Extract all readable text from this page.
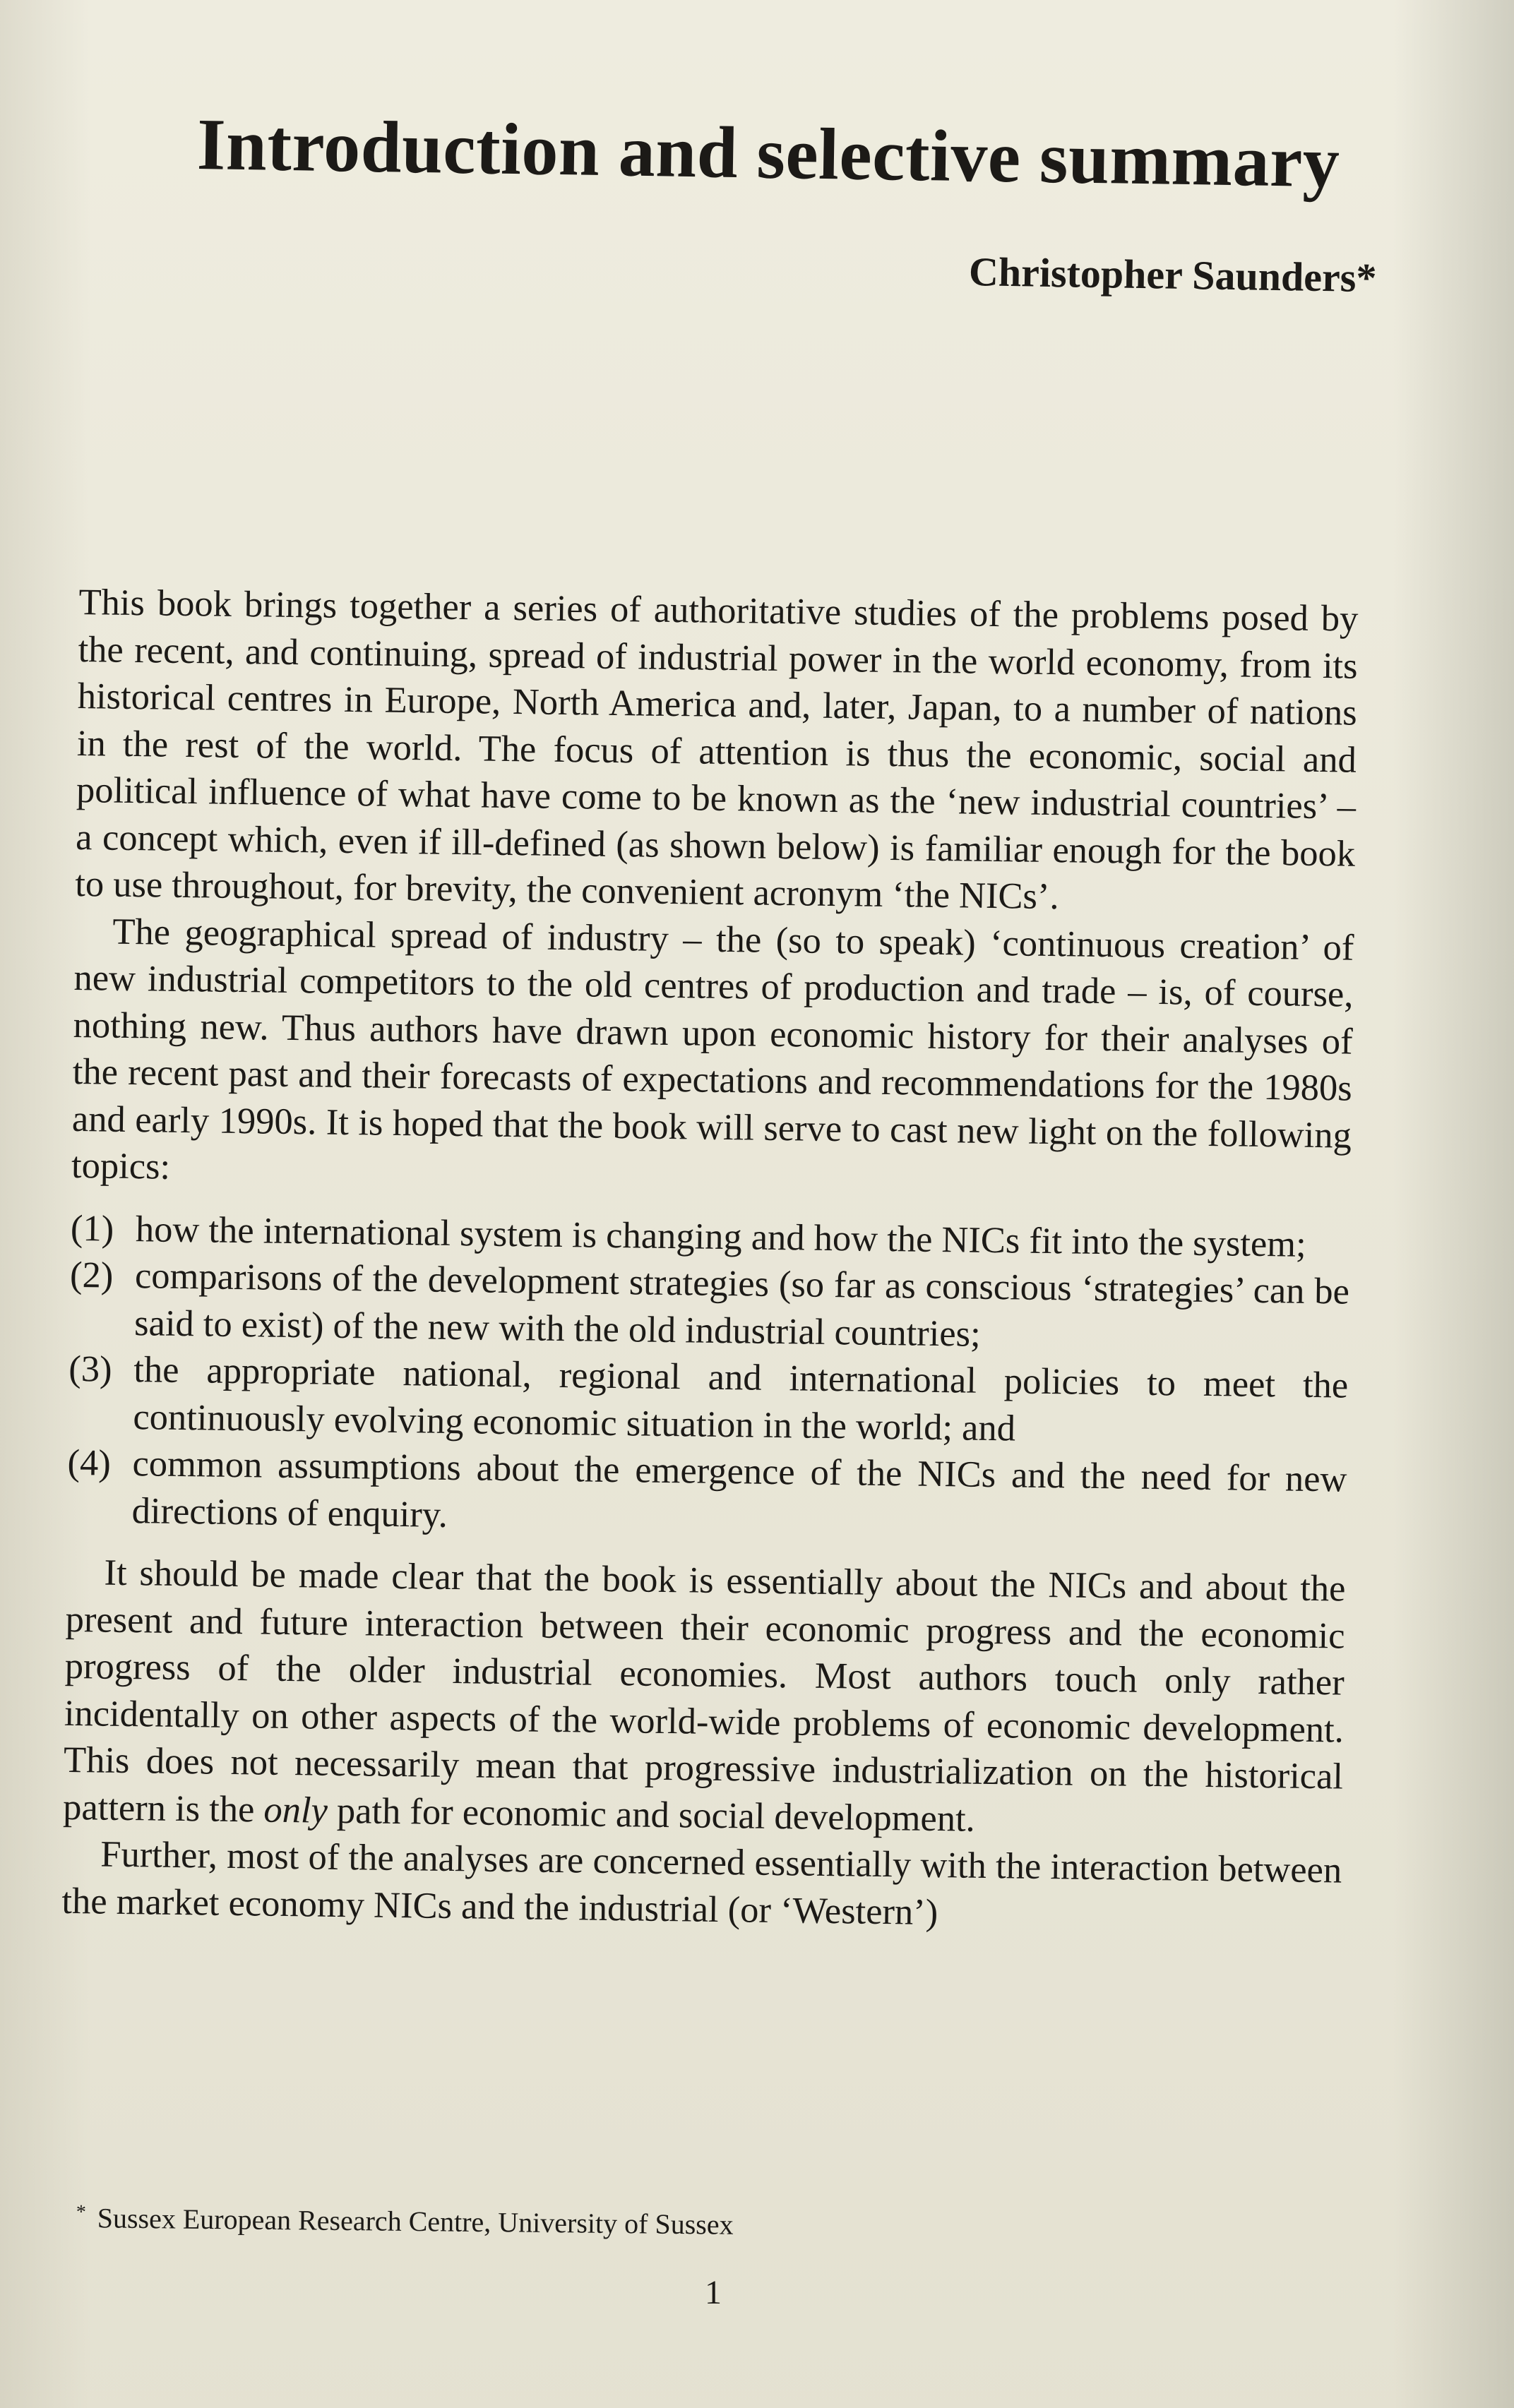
Introduction and selective summary
Christopher Saunders*

This book brings together a series of authoritative studies of the problems posed by the recent, and continuing, spread of industrial power in the world economy, from its historical centres in Europe, North America and, later, Japan, to a number of nations in the rest of the world. The focus of attention is thus the economic, social and political influence of what have come to be known as the ‘new industrial countries’ – a concept which, even if ill-defined (as shown below) is familiar enough for the book to use throughout, for brevity, the convenient acronym ‘the NICs’.

The geographical spread of industry – the (so to speak) ‘continuous creation’ of new industrial competitors to the old centres of production and trade – is, of course, nothing new. Thus authors have drawn upon economic history for their analyses of the recent past and their forecasts of expectations and recommendations for the 1980s and early 1990s. It is hoped that the book will serve to cast new light on the following topics:

(1) how the international system is changing and how the NICs fit into the system;
(2) comparisons of the development strategies (so far as conscious ‘strategies’ can be said to exist) of the new with the old industrial countries;
(3) the appropriate national, regional and international policies to meet the continuously evolving economic situation in the world; and
(4) common assumptions about the emergence of the NICs and the need for new directions of enquiry.

It should be made clear that the book is essentially about the NICs and about the present and future interaction between their economic progress and the economic progress of the older industrial economies. Most authors touch only rather incidentally on other aspects of the world-wide problems of economic development. This does not necessarily mean that progressive industrialization on the historical pattern is the only path for economic and social development.

Further, most of the analyses are concerned essentially with the interaction between the market economy NICs and the industrial (or ‘Western’)

* Sussex European Research Centre, University of Sussex
1
